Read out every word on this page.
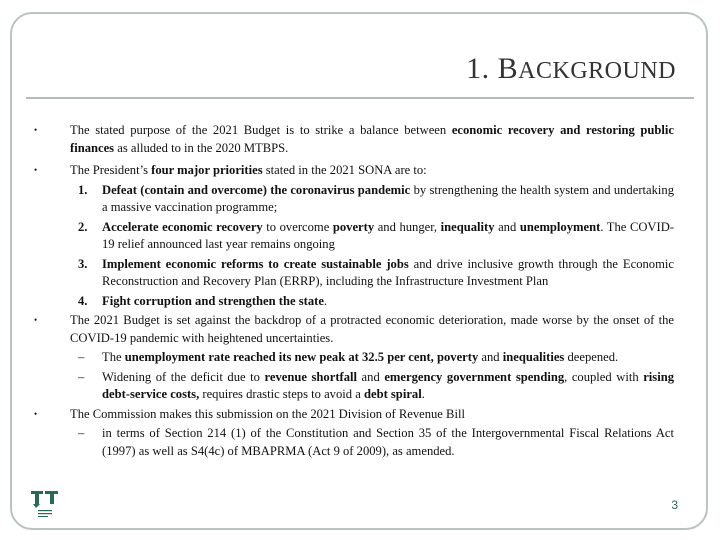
1. BACKGROUND
•	The stated purpose of the 2021 Budget is to strike a balance between economic recovery and restoring public finances as alluded to in the 2020 MTBPS.
•	The President’s four major priorities stated in the 2021 SONA are to:
1. Defeat (contain and overcome) the coronavirus pandemic by strengthening the health system and undertaking a massive vaccination programme;
2. Accelerate economic recovery to overcome poverty and hunger, inequality and unemployment. The COVID-19 relief announced last year remains ongoing
3. Implement economic reforms to create sustainable jobs and drive inclusive growth through the Economic Reconstruction and Recovery Plan (ERRP), including the Infrastructure Investment Plan
4. Fight corruption and strengthen the state.
•	The 2021 Budget is set against the backdrop of a protracted economic deterioration, made worse by the onset of the COVID-19 pandemic with heightened uncertainties.
– The unemployment rate reached its new peak at 32.5 per cent, poverty and inequalities deepened.
– Widening of the deficit due to revenue shortfall and emergency government spending, coupled with rising debt-service costs, requires drastic steps to avoid a debt spiral.
•	The Commission makes this submission on the 2021 Division of Revenue Bill
– in terms of Section 214 (1) of the Constitution and Section 35 of the Intergovernmental Fiscal Relations Act (1997) as well as S4(4c) of MBAPRMA (Act 9 of 2009), as amended.
3
